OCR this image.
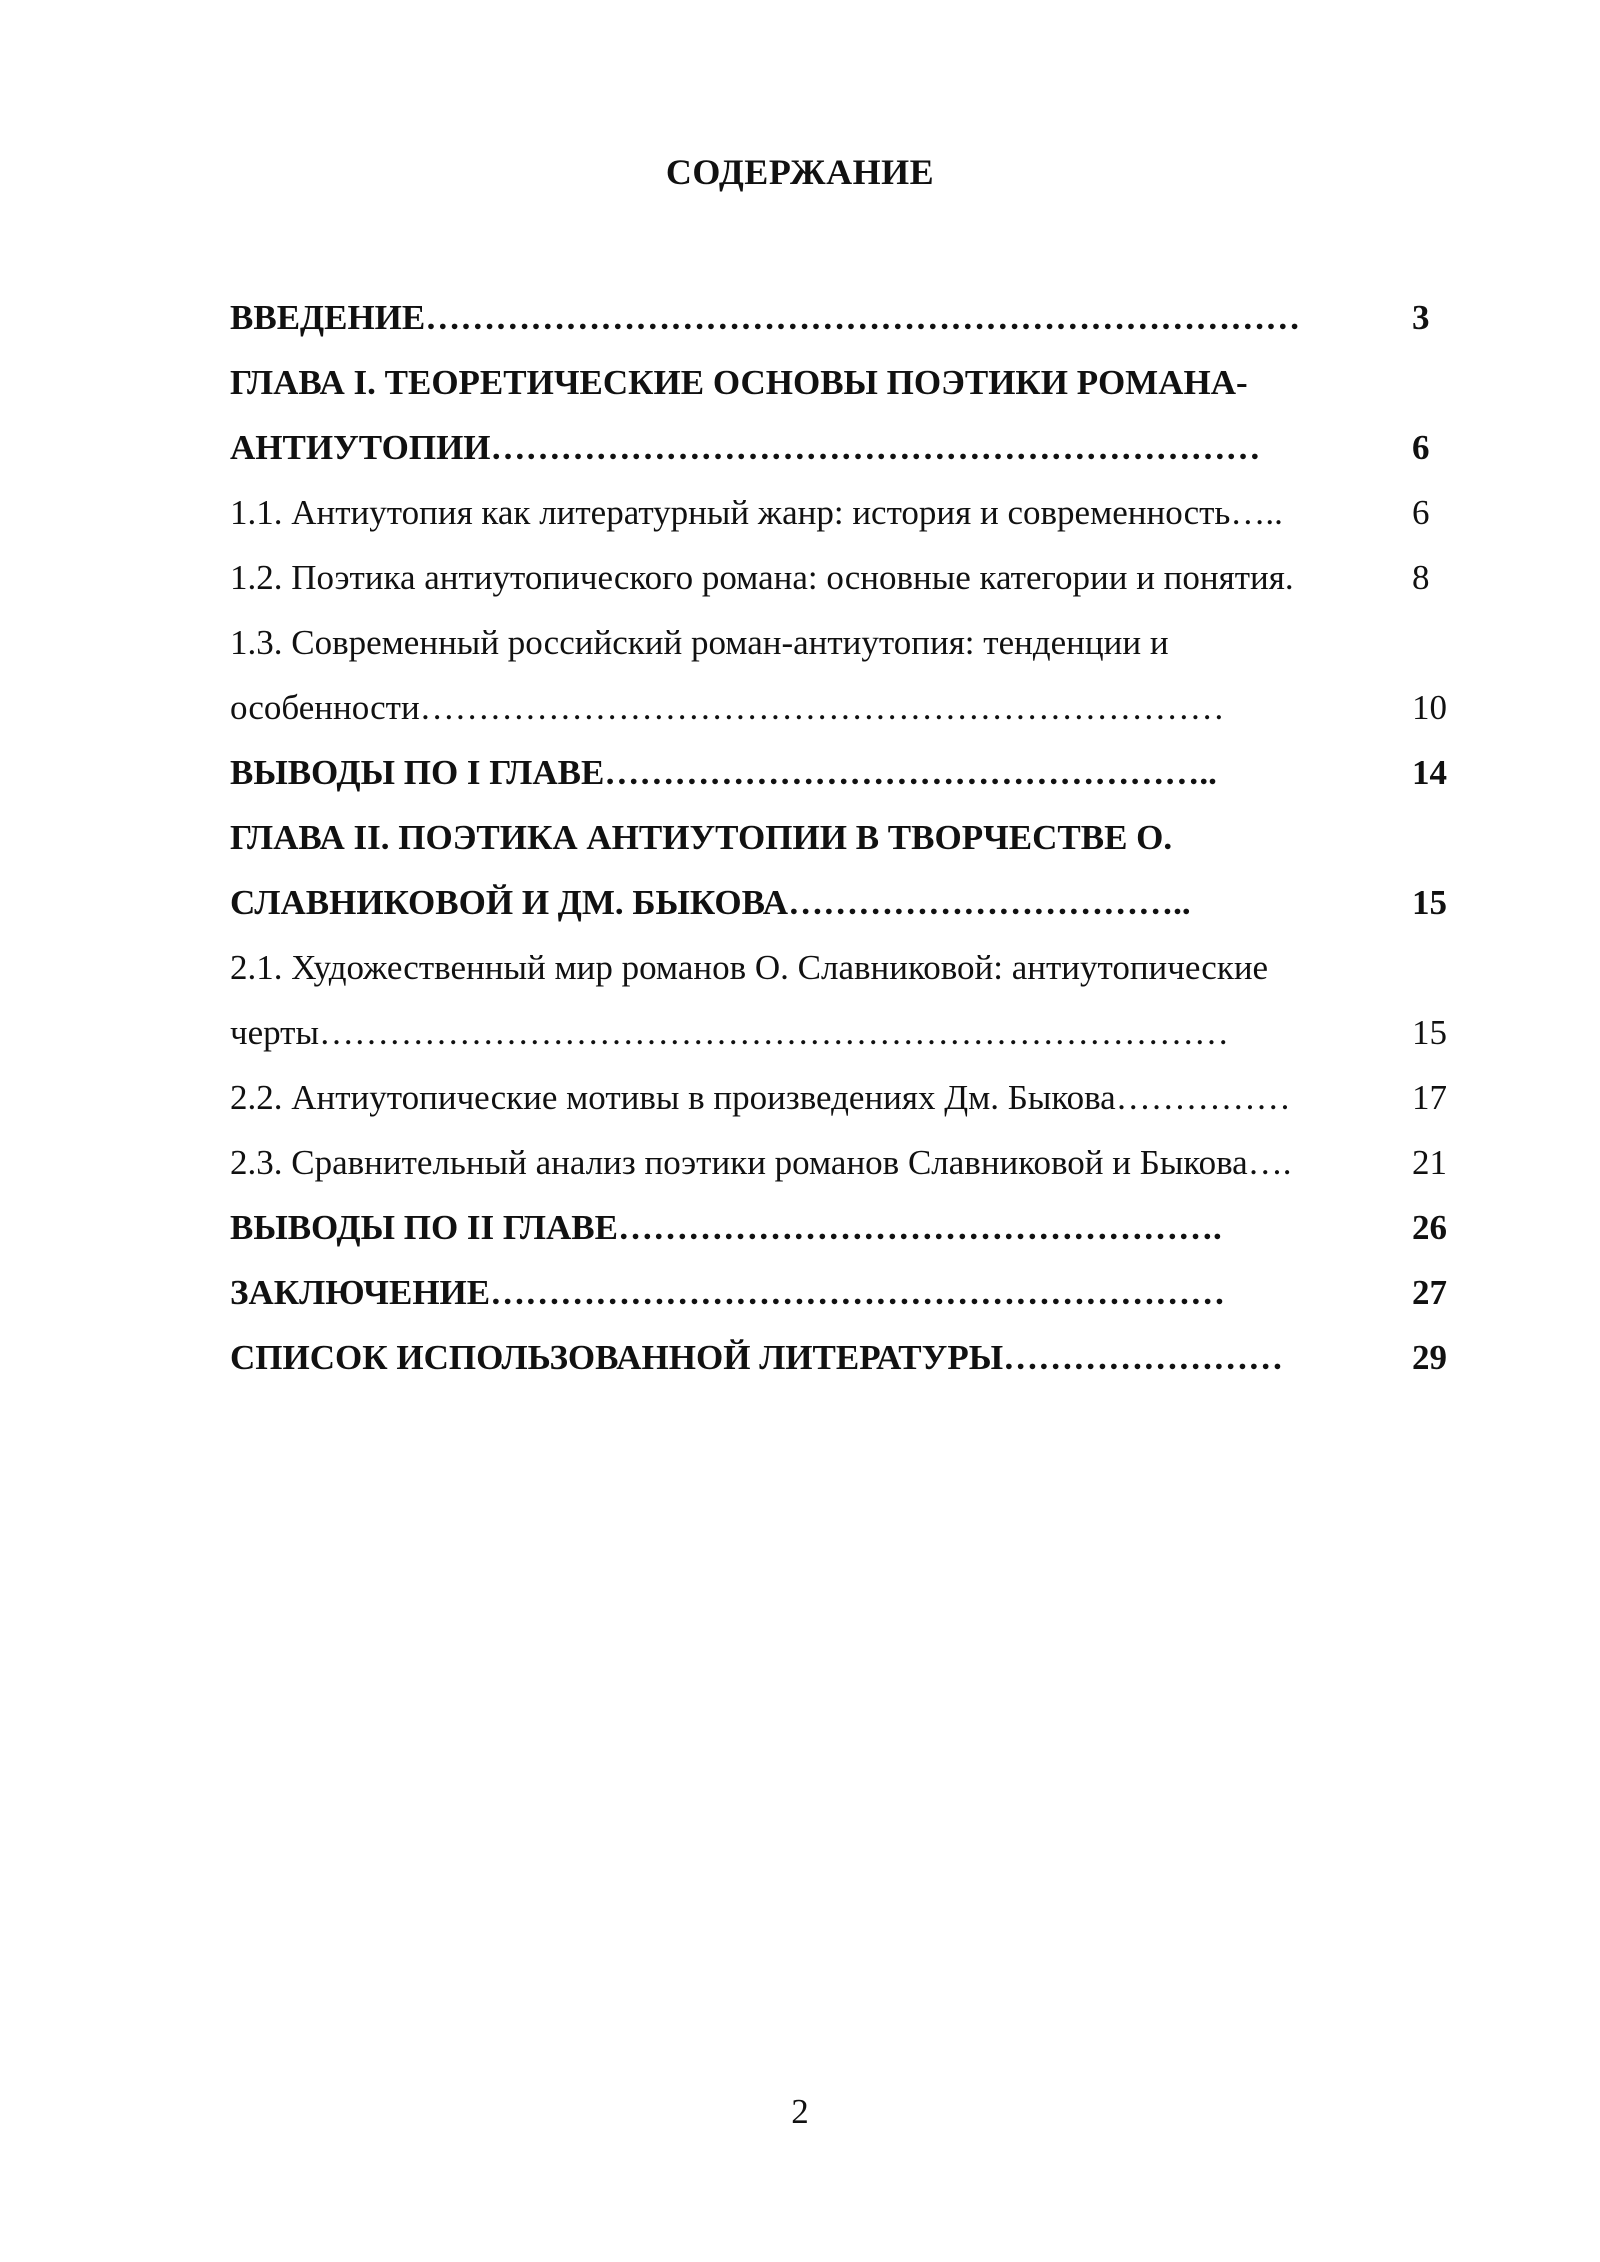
СОДЕРЖАНИЕ
ВВЕДЕНИЕ…………………………………………………………………	3
ГЛАВА I. ТЕОРЕТИЧЕСКИЕ ОСНОВЫ ПОЭТИКИ РОМАНА-
АНТИУТОПИИ…………………………………………………………	6
1.1. Антиутопия как литературный жанр: история и современность…..	6
1.2. Поэтика антиутопического романа: основные категории и понятия.	8
1.3. Современный российский роман-антиутопия: тенденции и
особенности……………………………………………………………	10
ВЫВОДЫ ПО I ГЛАВЕ……………………………………………..	14
ГЛАВА II. ПОЭТИКА АНТИУТОПИИ В ТВОРЧЕСТВЕ О.
СЛАВНИКОВОЙ И ДМ. БЫКОВА……………………………..	15
2.1. Художественный мир романов О. Славниковой: антиутопические
черты……………………………………………………………………	15
2.2. Антиутопические мотивы в произведениях Дм. Быкова……………	17
2.3. Сравнительный анализ поэтики романов Славниковой и Быкова….	21
ВЫВОДЫ ПО II ГЛАВЕ…………………………………………….	26
ЗАКЛЮЧЕНИЕ………………………………………………………	27
СПИСОК ИСПОЛЬЗОВАННОЙ ЛИТЕРАТУРЫ……………………	29
2
